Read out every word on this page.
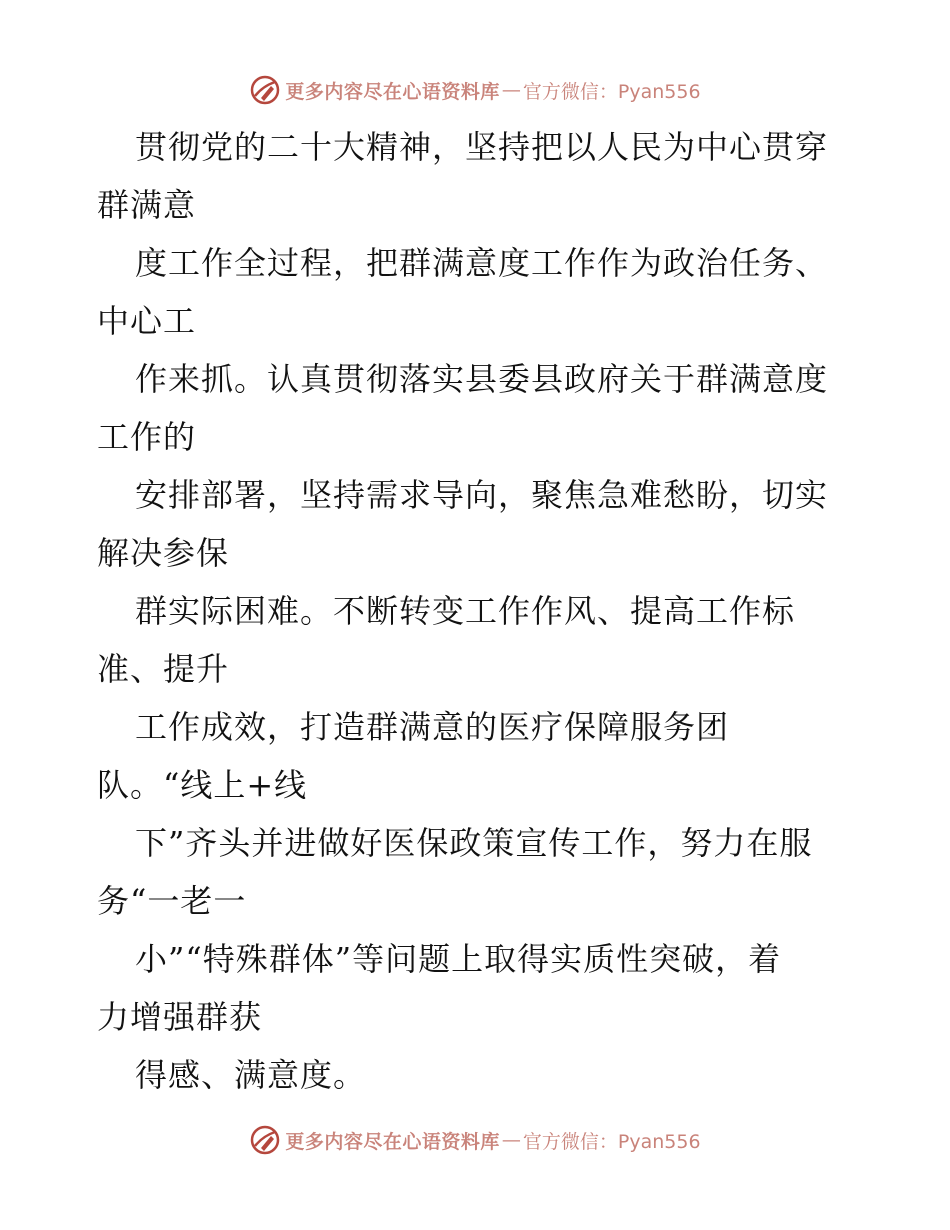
更多内容尽在心语资料库 — 官方微信：Pyan556

贯彻党的二十大精神，坚持把以人民为中心贯穿
群满意

度工作全过程，把群满意度工作作为政治任务、
中心工

作来抓。认真贯彻落实县委县政府关于群满意度
工作的

安排部署，坚持需求导向，聚焦急难愁盼，切实
解决参保

群实际困难。不断转变工作作风、提高工作标
准、提升

工作成效，打造群满意的医疗保障服务团
队。“线上+线

下”齐头并进做好医保政策宣传工作，努力在服
务“一老一

小”“特殊群体”等问题上取得实质性突破，着
力增强群获

得感、满意度。

更多内容尽在心语资料库 — 官方微信：Pyan556
